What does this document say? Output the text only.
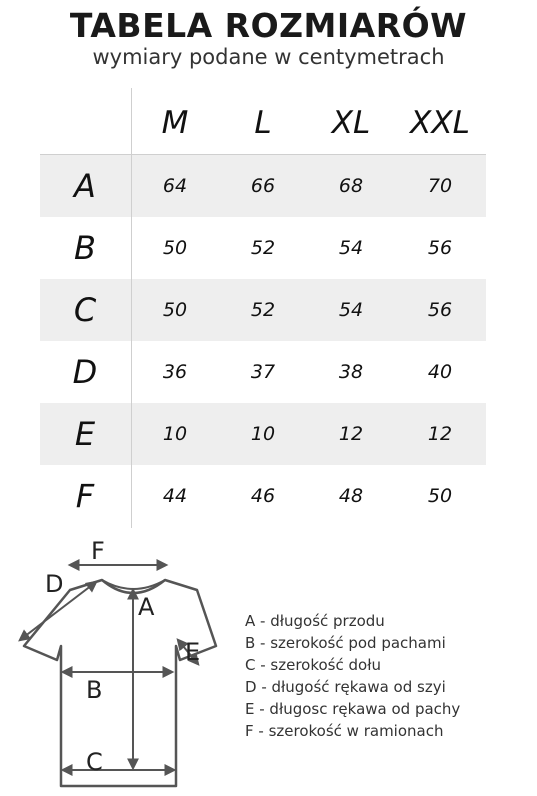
TABELA ROZMIARÓW
wymiary podane w centymetrach
A	64	66	68	70
B	50	52	54	56
C	50	52	54	56
D	36	37	38	40
E	10	10	12	12
F	44	46	48	50
M	L	XL	XXL
F
A
D
E
B
C
A - długość przodu
B - szerokość pod pachami
C - szerokość dołu
D - długość rękawa od szyi
E - długosc rękawa od pachy
F - szerokość w ramionach
